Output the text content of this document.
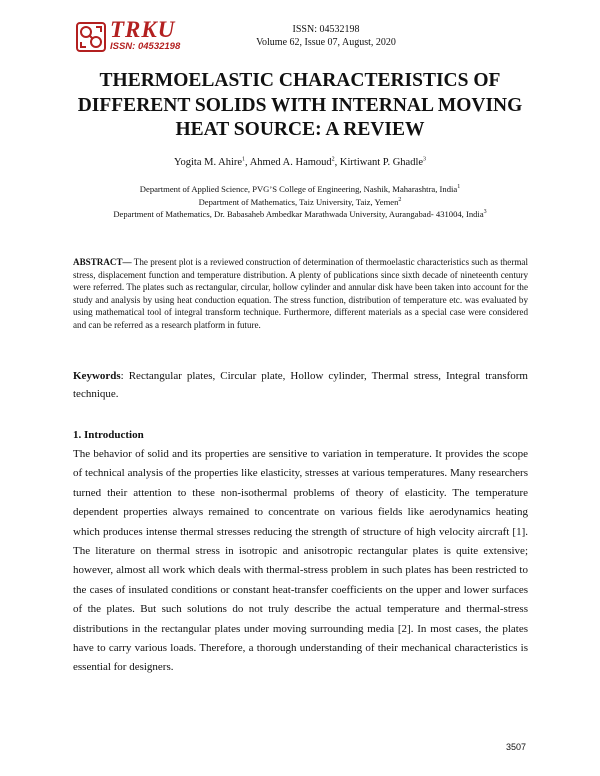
TRKU
ISSN: 04532198
ISSN: 04532198
Volume 62, Issue 07, August, 2020
THERMOELASTIC CHARACTERISTICS OF DIFFERENT SOLIDS WITH INTERNAL MOVING HEAT SOURCE: A REVIEW
Yogita M. Ahire$^1$, Ahmed A. Hamoud$^2$, Kirtiwant P. Ghadle$^3$
Department of Applied Science, PVG’S College of Engineering, Nashik, Maharashtra, India$^1$
Department of Mathematics, Taiz University, Taiz, Yemen$^2$
Department of Mathematics, Dr. Babasaheb Ambedkar Marathwada University, Aurangabad- 431004, India$^3$

ABSTRACT— The present plot is a reviewed construction of determination of thermoelastic characteristics such as thermal stress, displacement function and temperature distribution. A plenty of publications since sixth decade of nineteenth century were referred. The plates such as rectangular, circular, hollow cylinder and annular disk have been taken into account for the study and analysis by using heat conduction equation. The stress function, distribution of temperature etc. was evaluated by using mathematical tool of integral transform technique. Furthermore, different materials as a special case were considered and can be referred as a research platform in future.

Keywords: Rectangular plates, Circular plate, Hollow cylinder, Thermal stress, Integral transform technique.

1. Introduction

The behavior of solid and its properties are sensitive to variation in temperature. It provides the scope of technical analysis of the properties like elasticity, stresses at various temperatures. Many researchers turned their attention to these non-isothermal problems of theory of elasticity. The temperature dependent properties always remained to concentrate on various fields like aerodynamics heating which produces intense thermal stresses reducing the strength of structure of high velocity aircraft [1]. The literature on thermal stress in isotropic and anisotropic rectangular plates is quite extensive; however, almost all work which deals with thermal-stress problem in such plates has been restricted to the cases of insulated conditions or constant heat-transfer coefficients on the upper and lower surfaces of the plates. But such solutions do not truly describe the actual temperature and thermal-stress distributions in the rectangular plates under moving surrounding media [2]. In most cases, the plates have to carry various loads. Therefore, a thorough understanding of their mechanical characteristics is essential for designers.

3507
